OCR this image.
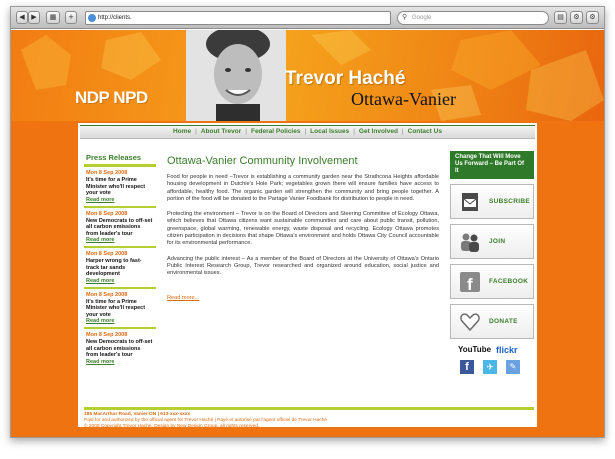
◀ ▶	▦	+	http://clients.	⚲ Google	▤	⚙	⚙
NDP NPD
Trevor Haché
Ottawa-Vanier
Home | About Trevor | Federal Policies | Local Issues | Get Involved | Contact Us
Press Releases
Mon 8 Sep 2008
It's time for a Prime Minister who'll respect your vote
Read more
Mon 8 Sep 2008
New Democrats to off-set all carbon emissions from leader's tour
Read more
Mon 8 Sep 2008
Harper wrong to fast-track tar sands development
Read more
Mon 8 Sep 2008
It's time for a Prime Minister who'll respect your vote
Read more
Mon 8 Sep 2008
New Democrats to off-set all carbon emissions from leader's tour
Read more
Ottawa-Vanier Community Involvement

Food for people in need –Trevor is establishing a community garden near the Strathcona Heights affordable housing development in Dutchie's Hole Park; vegetables grown there will ensure families have access to affordable, healthy food. The organic garden will strengthen the community and bring people together. A portion of the food will be donated to the Partage Vanier Foodbank for distribution to people in need.

Protecting the environment – Trevor is on the Board of Directors and Steering Committee of Ecology Ottawa, which believes that Ottawa citizens want sustainable communities and care about public transit, pollution, greenspace, global warming, renewable energy, waste disposal and recycling. Ecology Ottawa promotes citizen participation in decisions that shape Ottawa's environment and holds Ottawa City Council accountable for its environmental performance.

Advancing the public interest – As a member of the Board of Directors at the University of Ottawa's Ontario Public Interest Research Group, Trevor researched and organized around education, social justice and environmental issues.

Read more...
Change That Will Move Us Forward – Be Part Of It
SUBSCRIBE
JOIN
f	FACEBOOK
DONATE
YouTube flickr
f	✈	✎
185 MacArthur Road, Vanier ON | 613-xxx-xxxx
Paid for and authorized by the official agent for Trevor Haché | Payé et autorisé par l'agent officiel de Trevor Haché
© 2008 Copyright Trevor Haché. Design by New Design Group, all rights reserved.
